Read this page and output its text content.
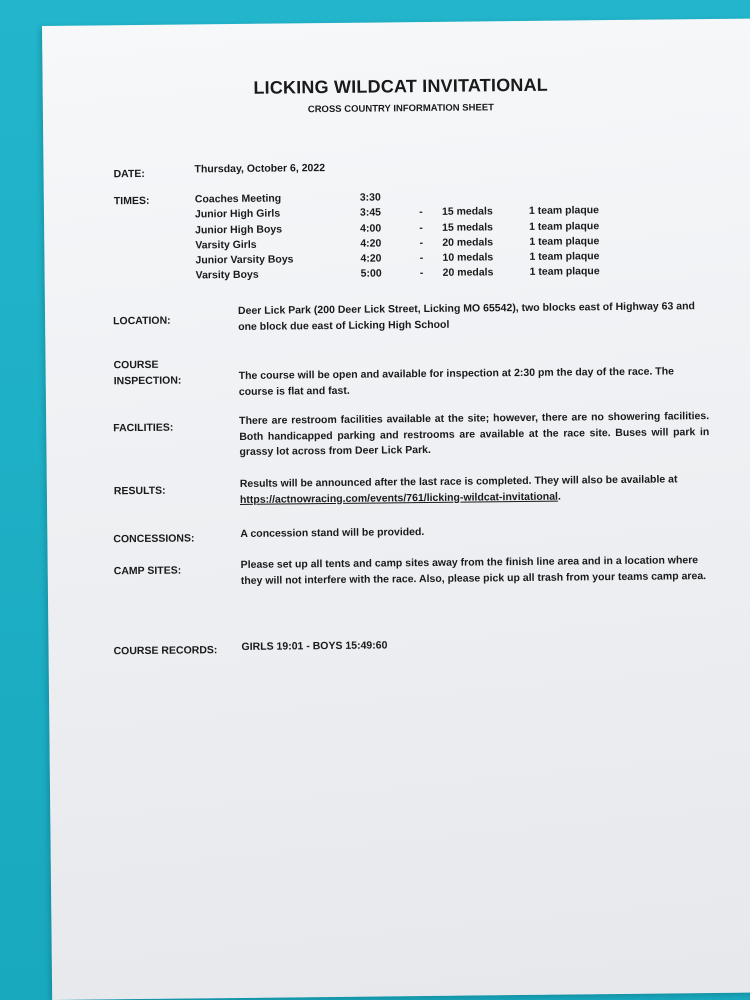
LICKING WILDCAT INVITATIONAL
CROSS COUNTRY INFORMATION SHEET
DATE:	Thursday, October 6, 2022
TIMES:	Coaches Meeting	3:30
Junior High Girls	3:45	-	15 medals	1 team plaque
Junior High Boys	4:00	-	15 medals	1 team plaque
Varsity Girls	4:20	-	20 medals	1 team plaque
Junior Varsity Boys	4:20	-	10 medals	1 team plaque
Varsity Boys	5:00	-	20 medals	1 team plaque
LOCATION:
Deer Lick Park (200 Deer Lick Street, Licking MO 65542), two blocks east of Highway 63 and one block due east of Licking High School
COURSE
INSPECTION:	The course will be open and available for inspection at 2:30 pm the day of the race. The course is flat and fast.
FACILITIES:
There are restroom facilities available at the site; however, there are no showering facilities. Both handicapped parking and restrooms are available at the race site. Buses will park in grassy lot across from Deer Lick Park.
RESULTS:
Results will be announced after the last race is completed. They will also be available at https://actnowracing.com/events/761/licking-wildcat-invitational.
CONCESSIONS:	A concession stand will be provided.
CAMP SITES:	Please set up all tents and camp sites away from the finish line area and in a location where they will not interfere with the race. Also, please pick up all trash from your teams camp area.
COURSE RECORDS: GIRLS 19:01 - BOYS 15:49:60
